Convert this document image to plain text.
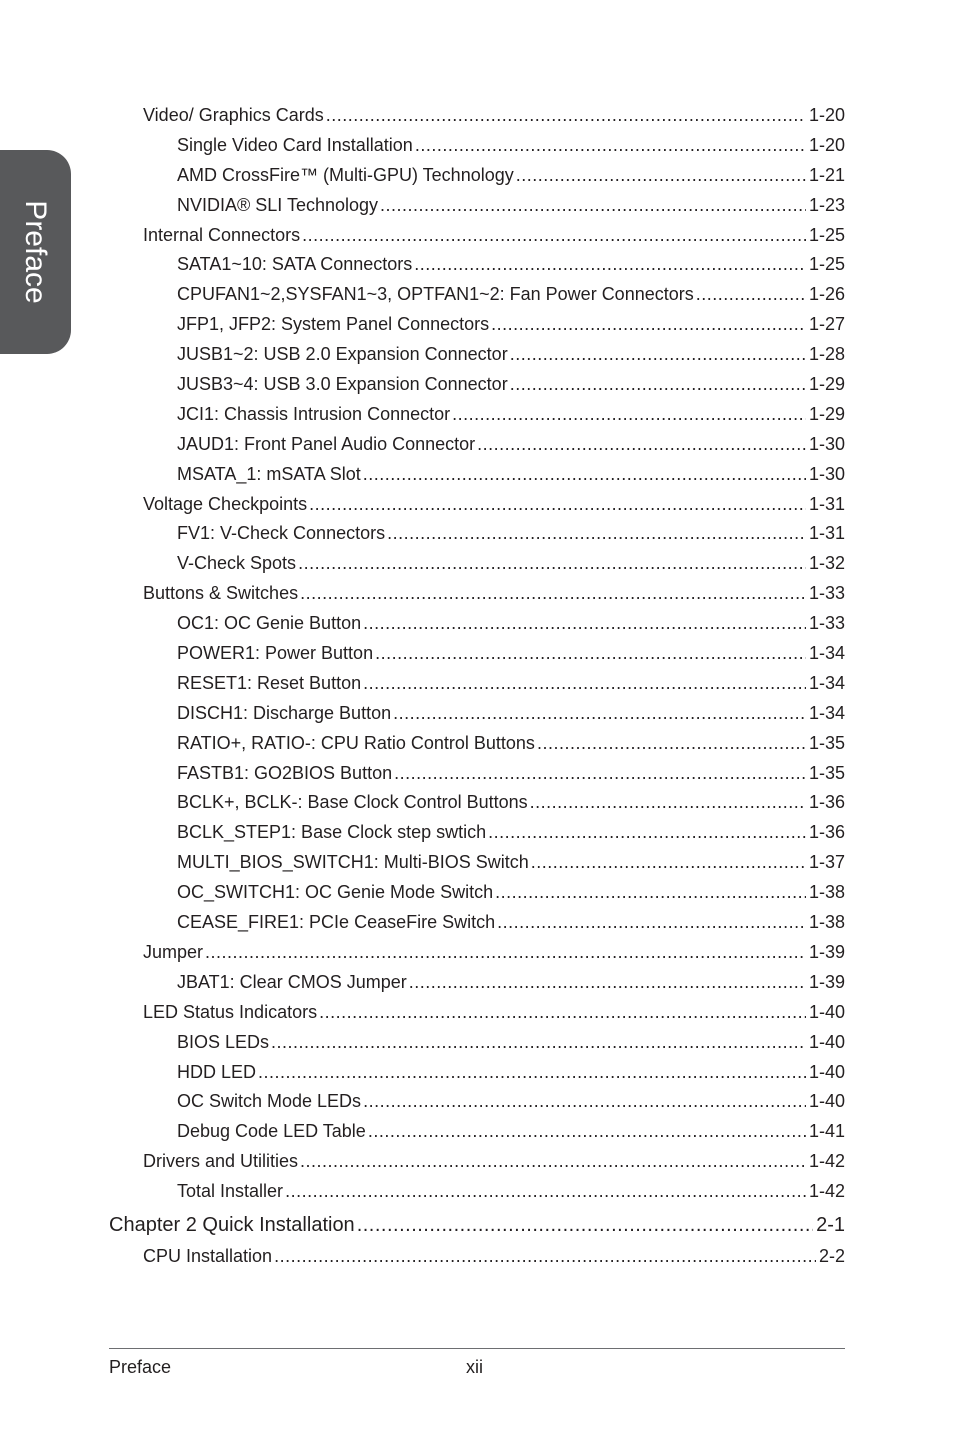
Preface
Video/ Graphics Cards .....	1-20
Single Video Card Installation .....	1-20
AMD CrossFire™ (Multi-GPU) Technology .....	1-21
NVIDIA® SLI Technology .....	1-23
Internal Connectors .....	1-25
SATA1~10: SATA Connectors .....	1-25
CPUFAN1~2,SYSFAN1~3, OPTFAN1~2: Fan Power Connectors .....	1-26
JFP1, JFP2: System Panel Connectors .....	1-27
JUSB1~2: USB 2.0 Expansion Connector .....	1-28
JUSB3~4: USB 3.0 Expansion Connector .....	1-29
JCI1: Chassis Intrusion Connector .....	1-29
JAUD1: Front Panel Audio Connector .....	1-30
MSATA_1: mSATA Slot .....	1-30
Voltage Checkpoints .....	1-31
FV1: V-Check Connectors .....	1-31
V-Check Spots .....	1-32
Buttons & Switches .....	1-33
OC1: OC Genie Button .....	1-33
POWER1: Power Button .....	1-34
RESET1: Reset Button .....	1-34
DISCH1: Discharge Button .....	1-34
RATIO+, RATIO-: CPU Ratio Control Buttons .....	1-35
FASTB1: GO2BIOS Button .....	1-35
BCLK+, BCLK-: Base Clock Control Buttons .....	1-36
BCLK_STEP1: Base Clock step swtich .....	1-36
MULTI_BIOS_SWITCH1: Multi-BIOS Switch .....	1-37
OC_SWITCH1: OC Genie Mode Switch .....	1-38
CEASE_FIRE1: PCIe CeaseFire Switch .....	1-38
Jumper .....	1-39
JBAT1: Clear CMOS Jumper .....	1-39
LED Status Indicators .....	1-40
BIOS LEDs .....	1-40
HDD LED .....	1-40
OC Switch Mode LEDs .....	1-40
Debug Code LED Table .....	1-41
Drivers and Utilities .....	1-42
Total Installer .....	1-42
Chapter 2 Quick Installation .....	2-1
CPU Installation .....	2-2
Preface	xii
